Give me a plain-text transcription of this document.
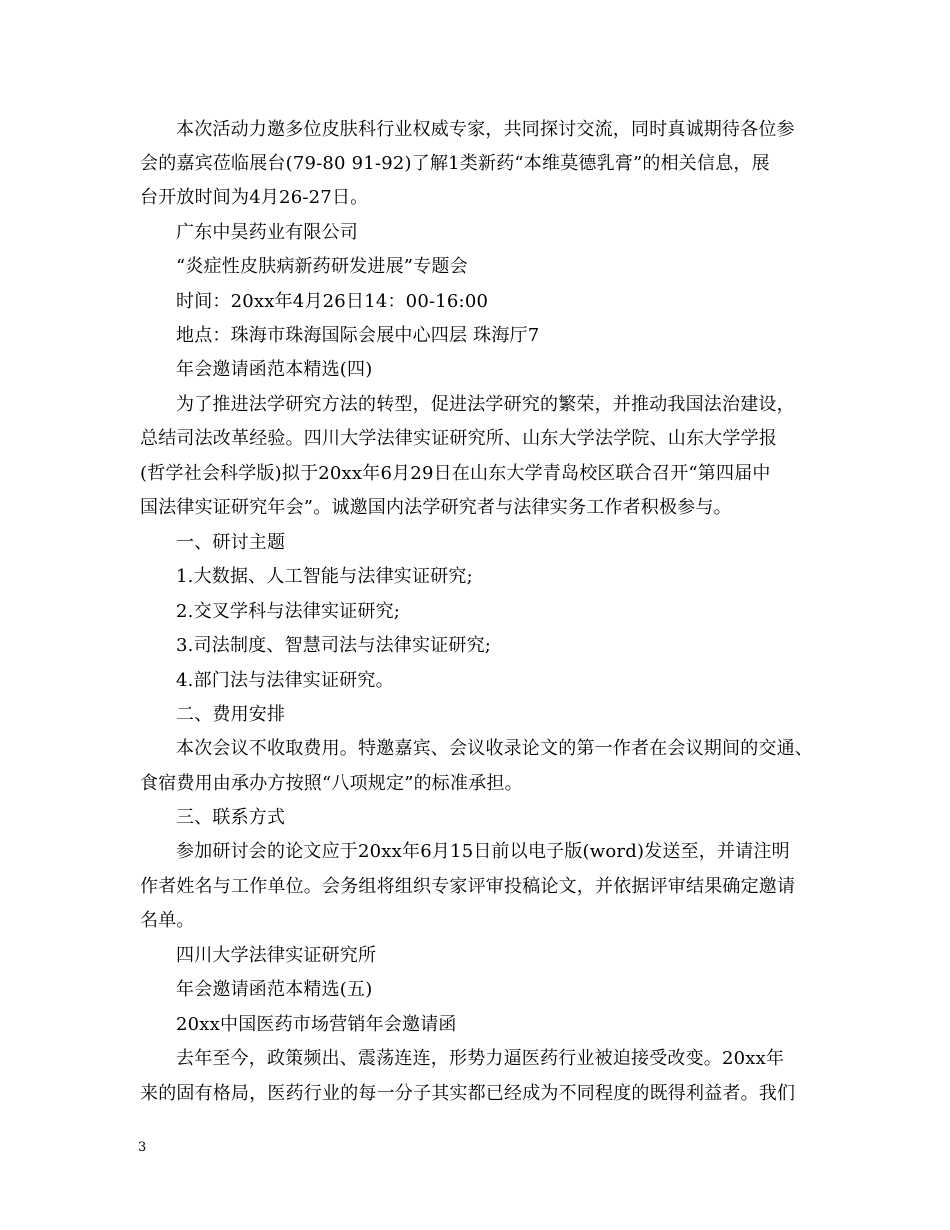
本次活动力邀多位皮肤科行业权威专家，共同探讨交流，同时真诚期待各位参
会的嘉宾莅临展台(79-80 91-92)了解1类新药“本维莫德乳膏”的相关信息，展
台开放时间为4月26-27日。
广东中昊药业有限公司
“炎症性皮肤病新药研发进展”专题会
时间：20xx年4月26日14：00-16:00
地点：珠海市珠海国际会展中心四层 珠海厅7
年会邀请函范本精选(四)
为了推进法学研究方法的转型，促进法学研究的繁荣，并推动我国法治建设，
总结司法改革经验。四川大学法律实证研究所、山东大学法学院、山东大学学报
(哲学社会科学版)拟于20xx年6月29日在山东大学青岛校区联合召开“第四届中
国法律实证研究年会”。诚邀国内法学研究者与法律实务工作者积极参与。
一、研讨主题
1.大数据、人工智能与法律实证研究;
2.交叉学科与法律实证研究;
3.司法制度、智慧司法与法律实证研究;
4.部门法与法律实证研究。
二、费用安排
本次会议不收取费用。特邀嘉宾、会议收录论文的第一作者在会议期间的交通、
食宿费用由承办方按照“八项规定”的标准承担。
三、联系方式
参加研讨会的论文应于20xx年6月15日前以电子版(word)发送至，并请注明
作者姓名与工作单位。会务组将组织专家评审投稿论文，并依据评审结果确定邀请
名单。
四川大学法律实证研究所
年会邀请函范本精选(五)
20xx中国医药市场营销年会邀请函
去年至今，政策频出、震荡连连，形势力逼医药行业被迫接受改变。20xx年
来的固有格局，医药行业的每一分子其实都已经成为不同程度的既得利益者。我们
3
